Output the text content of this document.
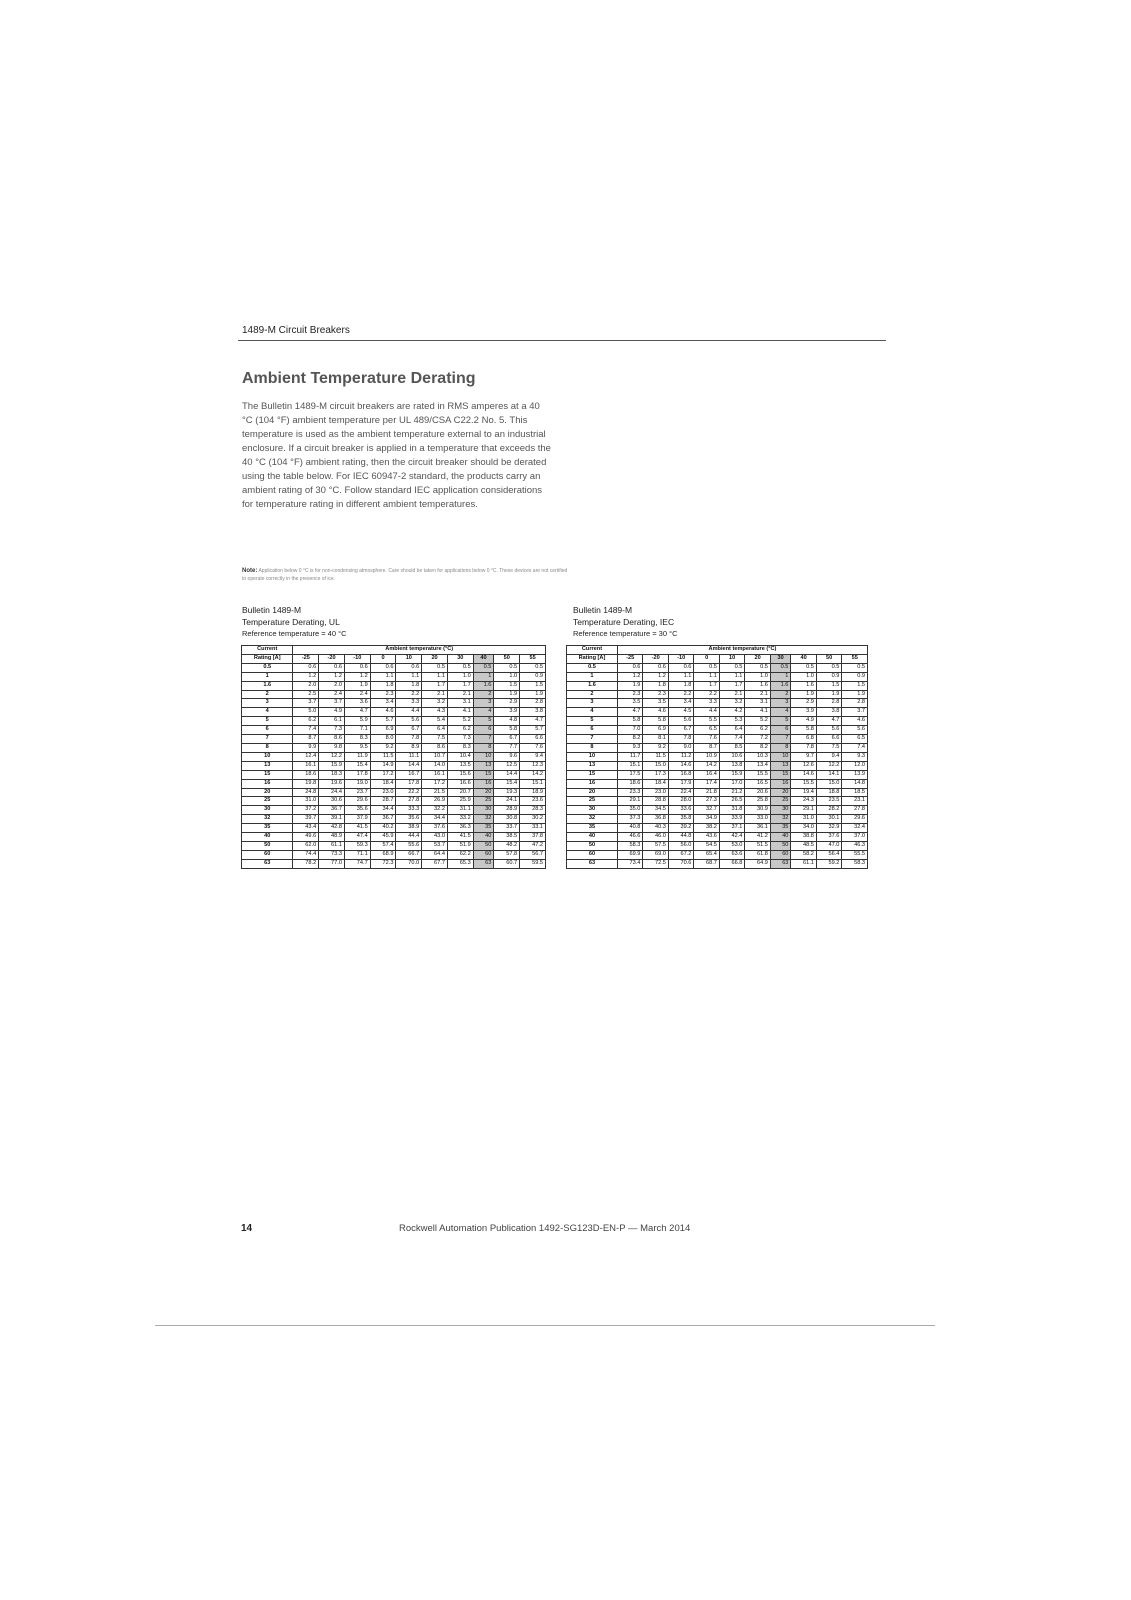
1489-M Circuit Breakers
Ambient Temperature Derating
The Bulletin 1489-M circuit breakers are rated in RMS amperes at a 40 °C (104 °F) ambient temperature per UL 489/CSA C22.2 No. 5. This temperature is used as the ambient temperature external to an industrial enclosure. If a circuit breaker is applied in a temperature that exceeds the 40 °C (104 °F) ambient rating, then the circuit breaker should be derated using the table below. For IEC 60947-2 standard, the products carry an ambient rating of 30 °C. Follow standard IEC application considerations for temperature rating in different ambient temperatures.
Note: Application below 0 °C is for non-condensing atmosphere. Care should be taken for applications below 0 °C. These devices are not certified to operate correctly in the presence of ice.
Bulletin 1489-M
Temperature Derating, UL
Reference temperature = 40 °C
Current	Ambient temperature (°C)									
Rating [A]	-25	-20	-10	0	10	20	30	40	50	55
0.5	0.6	0.6	0.6	0.6	0.6	0.5	0.5	0.5	0.5	0.5
1	1.2	1.2	1.2	1.1	1.1	1.1	1.0	1	1.0	0.9
1.6	2.0	2.0	1.9	1.8	1.8	1.7	1.7	1.6	1.5	1.5
2	2.5	2.4	2.4	2.3	2.2	2.1	2.1	2	1.9	1.9
3	3.7	3.7	3.6	3.4	3.3	3.2	3.1	3	2.9	2.8
4	5.0	4.9	4.7	4.6	4.4	4.3	4.1	4	3.9	3.8
5	6.2	6.1	5.9	5.7	5.6	5.4	5.2	5	4.8	4.7
6	7.4	7.3	7.1	6.9	6.7	6.4	6.2	6	5.8	5.7
7	8.7	8.6	8.3	8.0	7.8	7.5	7.3	7	6.7	6.6
8	9.9	9.8	9.5	9.2	8.9	8.6	8.3	8	7.7	7.6
10	12.4	12.2	11.9	11.5	11.1	10.7	10.4	10	9.6	9.4
13	16.1	15.9	15.4	14.9	14.4	14.0	13.5	13	12.5	12.3
15	18.6	18.3	17.8	17.2	16.7	16.1	15.6	15	14.4	14.2
16	19.8	19.6	19.0	18.4	17.8	17.2	16.6	16	15.4	15.1
20	24.8	24.4	23.7	23.0	22.2	21.5	20.7	20	19.3	18.9
25	31.0	30.6	29.6	28.7	27.8	26.9	25.9	25	24.1	23.6
30	37.2	36.7	35.6	34.4	33.3	32.2	31.1	30	28.9	28.3
32	39.7	39.1	37.9	36.7	35.6	34.4	33.2	32	30.8	30.2
35	43.4	42.8	41.5	40.2	38.9	37.6	36.3	35	33.7	33.1
40	49.6	48.9	47.4	45.9	44.4	43.0	41.5	40	38.5	37.8
50	62.0	61.1	59.3	57.4	55.6	53.7	51.9	50	48.2	47.2
60	74.4	73.3	71.1	68.9	66.7	64.4	62.2	60	57.8	56.7
63	78.2	77.0	74.7	72.3	70.0	67.7	65.3	63	60.7	59.5
Bulletin 1489-M
Temperature Derating, IEC
Reference temperature = 30 °C
Current	Ambient temperature (°C)									
Rating [A]	-25	-20	-10	0	10	20	30	40	50	55
0.5	0.6	0.6	0.6	0.5	0.5	0.5	0.5	0.5	0.5	0.5
1	1.2	1.2	1.1	1.1	1.1	1.0	1	1.0	0.9	0.9
1.6	1.9	1.8	1.8	1.7	1.7	1.6	1.6	1.6	1.5	1.5
2	2.3	2.3	2.2	2.2	2.1	2.1	2	1.9	1.9	1.9
3	3.5	3.5	3.4	3.3	3.2	3.1	3	2.9	2.8	2.8
4	4.7	4.6	4.5	4.4	4.2	4.1	4	3.9	3.8	3.7
5	5.8	5.8	5.6	5.5	5.3	5.2	5	4.9	4.7	4.6
6	7.0	6.9	6.7	6.5	6.4	6.2	6	5.8	5.6	5.6
7	8.2	8.1	7.8	7.6	7.4	7.2	7	6.8	6.6	6.5
8	9.3	9.2	9.0	8.7	8.5	8.2	8	7.8	7.5	7.4
10	11.7	11.5	11.2	10.9	10.6	10.3	10	9.7	9.4	9.3
13	15.1	15.0	14.6	14.2	13.8	13.4	13	12.6	12.2	12.0
15	17.5	17.3	16.8	16.4	15.9	15.5	15	14.6	14.1	13.9
16	18.6	18.4	17.9	17.4	17.0	16.5	16	15.5	15.0	14.8
20	23.3	23.0	22.4	21.8	21.2	20.6	20	19.4	18.8	18.5
25	29.1	28.8	28.0	27.3	26.5	25.8	25	24.3	23.5	23.1
30	35.0	34.5	33.6	32.7	31.8	30.9	30	29.1	28.2	27.8
32	37.3	36.8	35.8	34.9	33.9	33.0	32	31.0	30.1	29.6
35	40.8	40.3	39.2	38.2	37.1	36.1	35	34.0	32.9	32.4
40	46.6	46.0	44.8	43.6	42.4	41.2	40	38.8	37.6	37.0
50	58.3	57.5	56.0	54.5	53.0	51.5	50	48.5	47.0	46.3
60	69.9	69.0	67.2	65.4	63.6	61.8	60	58.2	56.4	55.5
63	73.4	72.5	70.6	68.7	66.8	64.9	63	61.1	59.2	58.3
14	Rockwell Automation Publication 1492-SG123D-EN-P — March 2014
